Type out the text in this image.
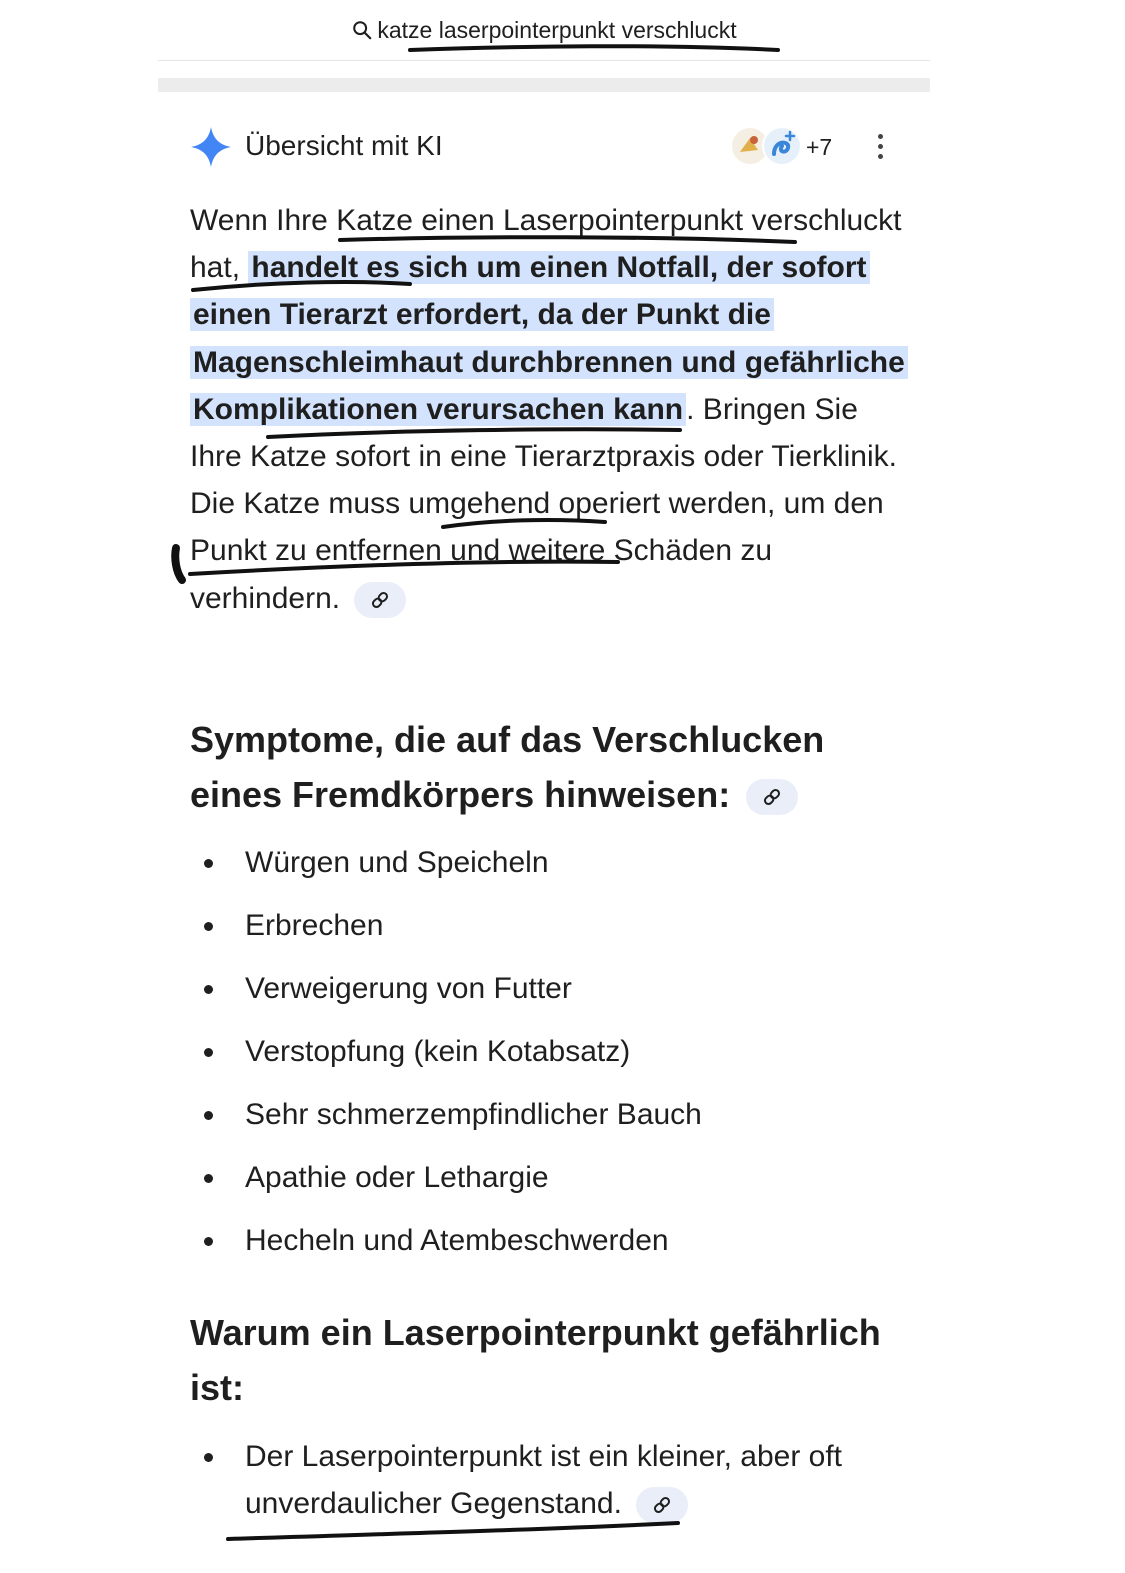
katze laserpointerpunkt verschluckt
Übersicht mit KI	+7
Wenn Ihre Katze einen Laserpointerpunkt verschluckt hat, handelt es sich um einen Notfall, der sofort einen Tierarzt erfordert, da der Punkt die Magenschleimhaut durchbrennen und gefährliche Komplikationen verursachen kann . Bringen Sie Ihre Katze sofort in eine Tierarztpraxis oder Tierklinik. Die Katze muss umgehend operiert werden, um den Punkt zu entfernen und weitere Schäden zu verhindern.
Symptome, die auf das Verschlucken eines Fremdkörpers hinweisen:
Würgen und Speicheln
Erbrechen
Verweigerung von Futter
Verstopfung (kein Kotabsatz)
Sehr schmerzempfindlicher Bauch
Apathie oder Lethargie
Hecheln und Atembeschwerden
Warum ein Laserpointerpunkt gefährlich ist:
Der Laserpointerpunkt ist ein kleiner, aber oft unverdaulicher Gegenstand.
